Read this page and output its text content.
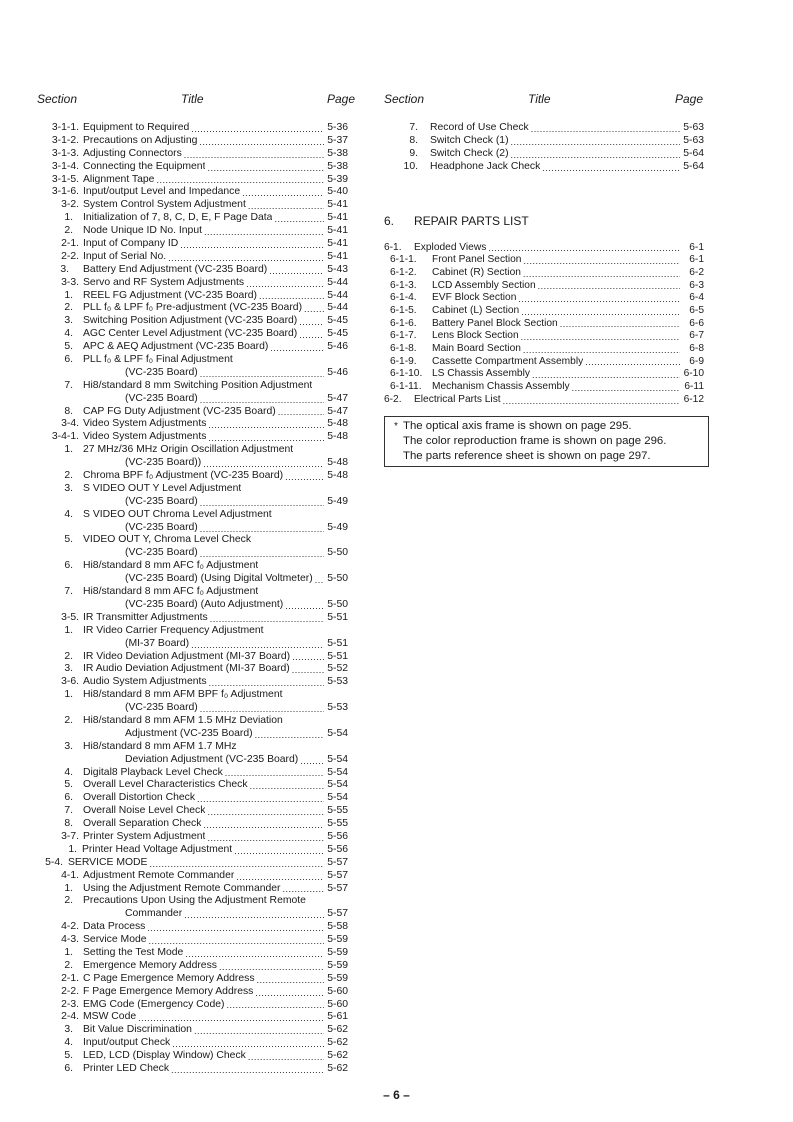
Section	Title	Page
3-1-1. Equipment to Required .....	5-36
3-1-2. Precautions on Adjusting .....	5-37
3-1-3. Adjusting Connectors .....	5-38
3-1-4. Connecting the Equipment .....	5-38
3-1-5. Alignment Tape .....	5-39
3-1-6. Input/output Level and Impedance .....	5-40
3-2. System Control System Adjustment .....	5-41
1. Initialization of 7, 8, C, D, E, F Page Data .....	5-41
2. Node Unique ID No. Input .....	5-41
2-1. Input of Company ID .....	5-41
2-2. Input of Serial No. .....	5-41
3. Battery End Adjustment (VC-235 Board) .....	5-43
3-3. Servo and RF System Adjustments .....	5-44
1. REEL FG Adjustment (VC-235 Board) .....	5-44
2. PLL f₀ & LPF f₀ Pre-adjustment (VC-235 Board) ..... 5-44
3. Switching Position Adjustment (VC-235 Board) .....	5-45
4. AGC Center Level Adjustment (VC-235 Board) .....	5-45
5. APC & AEQ Adjustment (VC-235 Board) .....	5-46
6. PLL f₀ & LPF f₀ Final Adjustment
(VC-235 Board) .....	5-46
7. Hi8/standard 8 mm Switching Position Adjustment
(VC-235 Board) .....	5-47
8. CAP FG Duty Adjustment (VC-235 Board) .....	5-47
3-4. Video System Adjustments .....	5-48
3-4-1. Video System Adjustments .....	5-48
1. 27 MHz/36 MHz Origin Oscillation Adjustment
(VC-235 Board)) .....	5-48
2. Chroma BPF f₀ Adjustment (VC-235 Board) .....	5-48
3. S VIDEO OUT Y Level Adjustment
(VC-235 Board) .....	5-49
4. S VIDEO OUT Chroma Level Adjustment
(VC-235 Board) .....	5-49
5. VIDEO OUT Y, Chroma Level Check
(VC-235 Board) .....	5-50
6. Hi8/standard 8 mm AFC f₀ Adjustment
(VC-235 Board) (Using Digital Voltmeter) ..... 5-50
7. Hi8/standard 8 mm AFC f₀ Adjustment
(VC-235 Board) (Auto Adjustment) .....	5-50
3-5. IR Transmitter Adjustments .....	5-51
1. IR Video Carrier Frequency Adjustment
(MI-37 Board) .....	5-51
2. IR Video Deviation Adjustment (MI-37 Board) .....	5-51
3. IR Audio Deviation Adjustment (MI-37 Board) .....	5-52
3-6. Audio System Adjustments .....	5-53
1. Hi8/standard 8 mm AFM BPF f₀ Adjustment
(VC-235 Board) .....	5-53
2. Hi8/standard 8 mm AFM 1.5 MHz Deviation
Adjustment (VC-235 Board) .....	5-54
3. Hi8/standard 8 mm AFM 1.7 MHz
Deviation Adjustment (VC-235 Board) .....	5-54
4. Digital8 Playback Level Check .....	5-54
5. Overall Level Characteristics Check .....	5-54
6. Overall Distortion Check .....	5-54
7. Overall Noise Level Check .....	5-55
8. Overall Separation Check .....	5-55
3-7. Printer System Adjustment .....	5-56
1. Printer Head Voltage Adjustment .....	5-56
5-4. SERVICE MODE .....	5-57
4-1. Adjustment Remote Commander .....	5-57
1. Using the Adjustment Remote Commander .....	5-57
2. Precautions Upon Using the Adjustment Remote
Commander .....	5-57
4-2. Data Process .....	5-58
4-3. Service Mode .....	5-59
1. Setting the Test Mode .....	5-59
2. Emergence Memory Address .....	5-59
2-1. C Page Emergence Memory Address .....	5-59
2-2. F Page Emergence Memory Address .....	5-60
2-3. EMG Code (Emergency Code) .....	5-60
2-4. MSW Code .....	5-61
3. Bit Value Discrimination .....	5-62
4. Input/output Check .....	5-62
5. LED, LCD (Display Window) Check .....	5-62
6. Printer LED Check .....	5-62
Section	Title	Page
7. Record of Use Check .....	5-63
8. Switch Check (1) .....	5-63
9. Switch Check (2) .....	5-64
10. Headphone Jack Check .....	5-64
6. REPAIR PARTS LIST
6-1.	Exploded Views .....	6-1
6-1-1.	Front Panel Section .....	6-1
6-1-2.	Cabinet (R) Section .....	6-2
6-1-3.	LCD Assembly Section .....	6-3
6-1-4.	EVF Block Section .....	6-4
6-1-5.	Cabinet (L) Section .....	6-5
6-1-6.	Battery Panel Block Section .....	6-6
6-1-7.	Lens Block Section .....	6-7
6-1-8.	Main Board Section .....	6-8
6-1-9.	Cassette Compartment Assembly .....	6-9
6-1-10. LS Chassis Assembly .....	6-10
6-1-11.	Mechanism Chassis Assembly .....	6-11
6-2.	Electrical Parts List .....	6-12
* The optical axis frame is shown on page 295.
The color reproduction frame is shown on page 296.
The parts reference sheet is shown on page 297.
– 6 –
